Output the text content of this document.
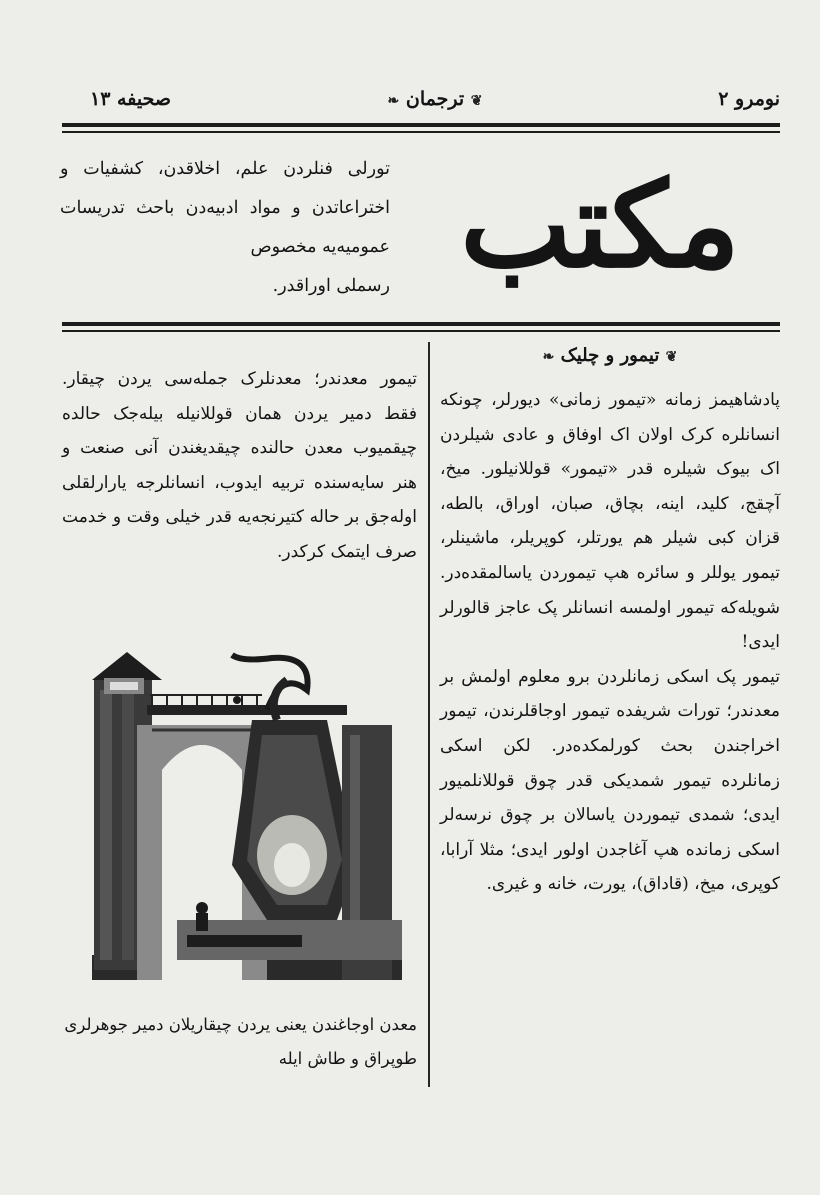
نومرو ۲
❦ ترجمان ❧
صحیفه ۱۳
مکتب
تورلی فنلردن علم، اخلاقدن، کشفیات و اختراعاتدن و مواد ادبیه‌دن باحث تدریسات عمومیه‌یه مخصوص
رسملی اوراقدر.
❦ تیمور و چلیک ❧

پادشاهیمز زمانه «تیمور زمانی» دیورلر، چونکه انسانلره کرک اولان اک اوفاق و عادی شیلردن اک بیوک شیلره قدر «تیمور» قوللانیلور. میخ، آچقج، کلید، اینه، بچاق، صبان، اوراق، بالطه، قزان کبی شیلر هم یورتلر، کوپریلر، ماشینلر، تیمور یوللر و سائره هپ تیموردن یاسالمقده‌در. شویله‌که تیمور اولمسه انسانلر پک عاجز قالورلر ایدی!

تیمور پک اسکی زمانلردن برو معلوم اولمش بر معدندر؛ تورات شریفده تیمور اوجاقلرندن، تیمور اخراجندن بحث کورلمکده‌در. لکن اسکی زمانلرده تیمور شمدیکی قدر چوق قوللانلمیور ایدی؛ شمدی تیموردن یاسالان بر چوق نرسه‌لر اسکی زمانده هپ آغاجدن اولور ایدی؛ مثلا آرابا، کوپری، میخ، (قاداق)، یورت، خانه و غیری.

تیمور معدندر؛ معدنلرک جمله‌سی یردن چیقار. فقط دمیر یردن همان قوللانیله بیله‌جک حالده چیقمیوب معدن حالنده چیقدیغندن آنی صنعت و هنر سایه‌سنده تربیه ایدوب، انسانلرجه یارارلقلی اوله‌جق بر حاله کتیرنجه‌یه قدر خیلی وقت و خدمت صرف ایتمک کرکدر.

معدن اوجاغندن یعنی یردن چیقاریلان دمیر جوهرلری طوپراق و طاش ایله
